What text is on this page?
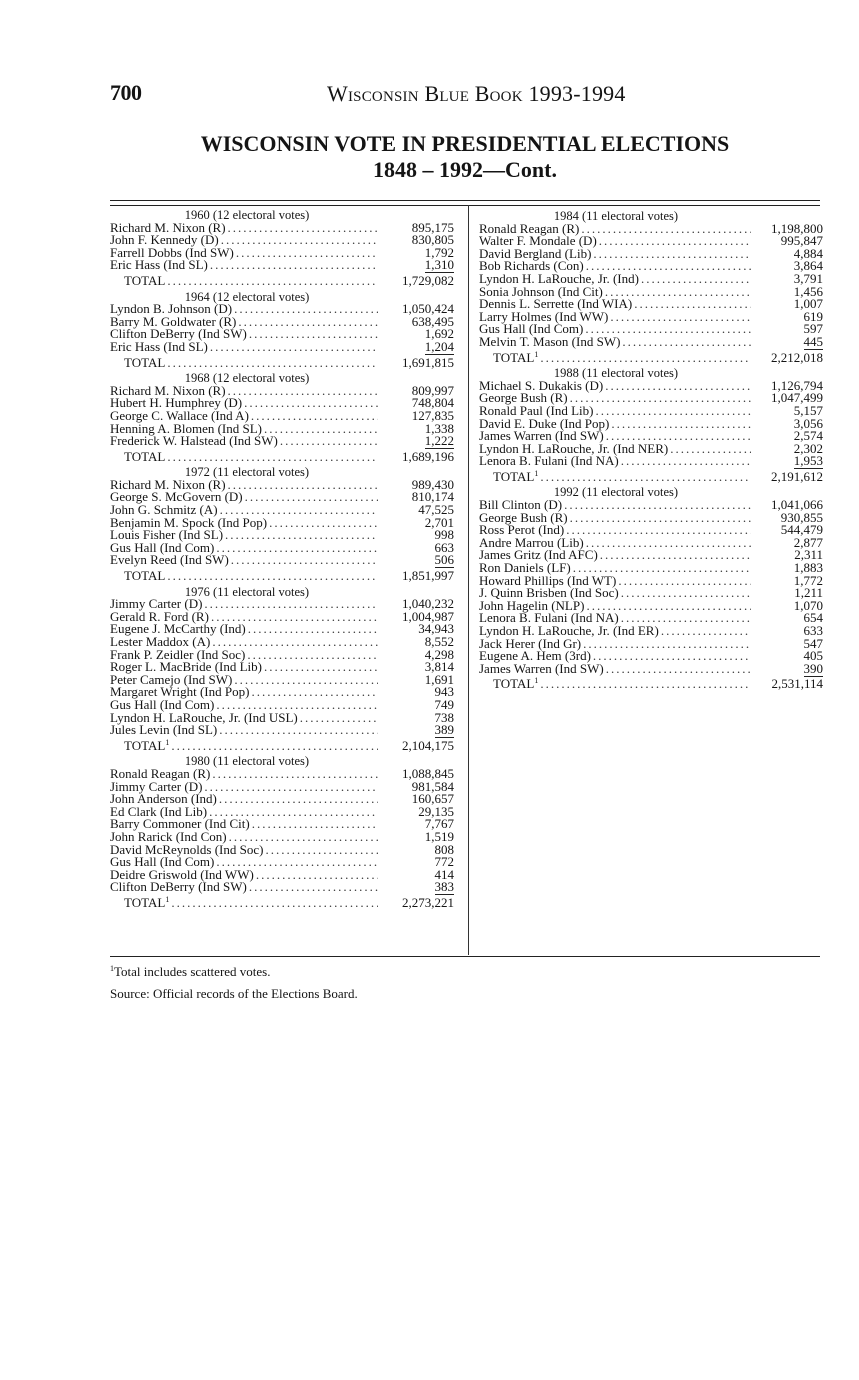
700	Wisconsin Blue Book 1993-1994
WISCONSIN VOTE IN PRESIDENTIAL ELECTIONS
1848 – 1992—Cont.
1960 (12 electoral votes)
Richard M. Nixon (R) .....	895,175
John F. Kennedy (D) .....	830,805
Farrell Dobbs (Ind SW) .....	1,792
Eric Hass (Ind SL) .....	1,310
TOTAL .....	1,729,082
1964 (12 electoral votes)
Lyndon B. Johnson (D) .....	1,050,424
Barry M. Goldwater (R) .....	638,495
Clifton DeBerry (Ind SW) .....	1,692
Eric Hass (Ind SL) .....	1,204
TOTAL .....	1,691,815
1968 (12 electoral votes)
Richard M. Nixon (R) .....	809,997
Hubert H. Humphrey (D) .....	748,804
George C. Wallace (Ind A) .....	127,835
Henning A. Blomen (Ind SL) .....	1,338
Frederick W. Halstead (Ind SW) .....	1,222
TOTAL .....	1,689,196
1972 (11 electoral votes)
Richard M. Nixon (R) .....	989,430
George S. McGovern (D) .....	810,174
John G. Schmitz (A) .....	47,525
Benjamin M. Spock (Ind Pop) .....	2,701
Louis Fisher (Ind SL) .....	998
Gus Hall (Ind Com) .....	663
Evelyn Reed (Ind SW) .....	506
TOTAL .....	1,851,997
1976 (11 electoral votes)
Jimmy Carter (D) .....	1,040,232
Gerald R. Ford (R) .....	1,004,987
Eugene J. McCarthy (Ind) .....	34,943
Lester Maddox (A) .....	8,552
Frank P. Zeidler (Ind Soc) .....	4,298
Roger L. MacBride (Ind Lib) .....	3,814
Peter Camejo (Ind SW) .....	1,691
Margaret Wright (Ind Pop) .....	943
Gus Hall (Ind Com) .....	749
Lyndon H. LaRouche, Jr. (Ind USL) .....	738
Jules Levin (Ind SL) .....	389
TOTAL$^1$ .....	2,104,175
1980 (11 electoral votes)
Ronald Reagan (R) .....	1,088,845
Jimmy Carter (D) .....	981,584
John Anderson (Ind) .....	160,657
Ed Clark (Ind Lib) .....	29,135
Barry Commoner (Ind Cit) .....	7,767
John Rarick (Ind Con) .....	1,519
David McReynolds (Ind Soc) .....	808
Gus Hall (Ind Com) .....	772
Deidre Griswold (Ind WW) .....	414
Clifton DeBerry (Ind SW) .....	383
TOTAL$^1$ .....	2,273,221
1984 (11 electoral votes)
Ronald Reagan (R) .....	1,198,800
Walter F. Mondale (D) .....	995,847
David Bergland (Lib) .....	4,884
Bob Richards (Con) .....	3,864
Lyndon H. LaRouche, Jr. (Ind) .....	3,791
Sonia Johnson (Ind Cit) .....	1,456
Dennis L. Serrette (Ind WIA) .....	1,007
Larry Holmes (Ind WW) .....	619
Gus Hall (Ind Com) .....	597
Melvin T. Mason (Ind SW) .....	445
TOTAL$^1$ .....	2,212,018
1988 (11 electoral votes)
Michael S. Dukakis (D) .....	1,126,794
George Bush (R) .....	1,047,499
Ronald Paul (Ind Lib) .....	5,157
David E. Duke (Ind Pop) .....	3,056
James Warren (Ind SW) .....	2,574
Lyndon H. LaRouche, Jr. (Ind NER) .....	2,302
Lenora B. Fulani (Ind NA) .....	1,953
TOTAL$^1$ .....	2,191,612
1992 (11 electoral votes)
Bill Clinton (D) .....	1,041,066
George Bush (R) .....	930,855
Ross Perot (Ind) .....	544,479
Andre Marrou (Lib) .....	2,877
James Gritz (Ind AFC) .....	2,311
Ron Daniels (LF) .....	1,883
Howard Phillips (Ind WT) .....	1,772
J. Quinn Brisben (Ind Soc) .....	1,211
John Hagelin (NLP) .....	1,070
Lenora B. Fulani (Ind NA) .....	654
Lyndon H. LaRouche, Jr. (Ind ER) .....	633
Jack Herer (Ind Gr) .....	547
Eugene A. Hem (3rd) .....	405
James Warren (Ind SW) .....	390
TOTAL$^1$ .....	2,531,114
$^1$Total includes scattered votes.
Source: Official records of the Elections Board.
